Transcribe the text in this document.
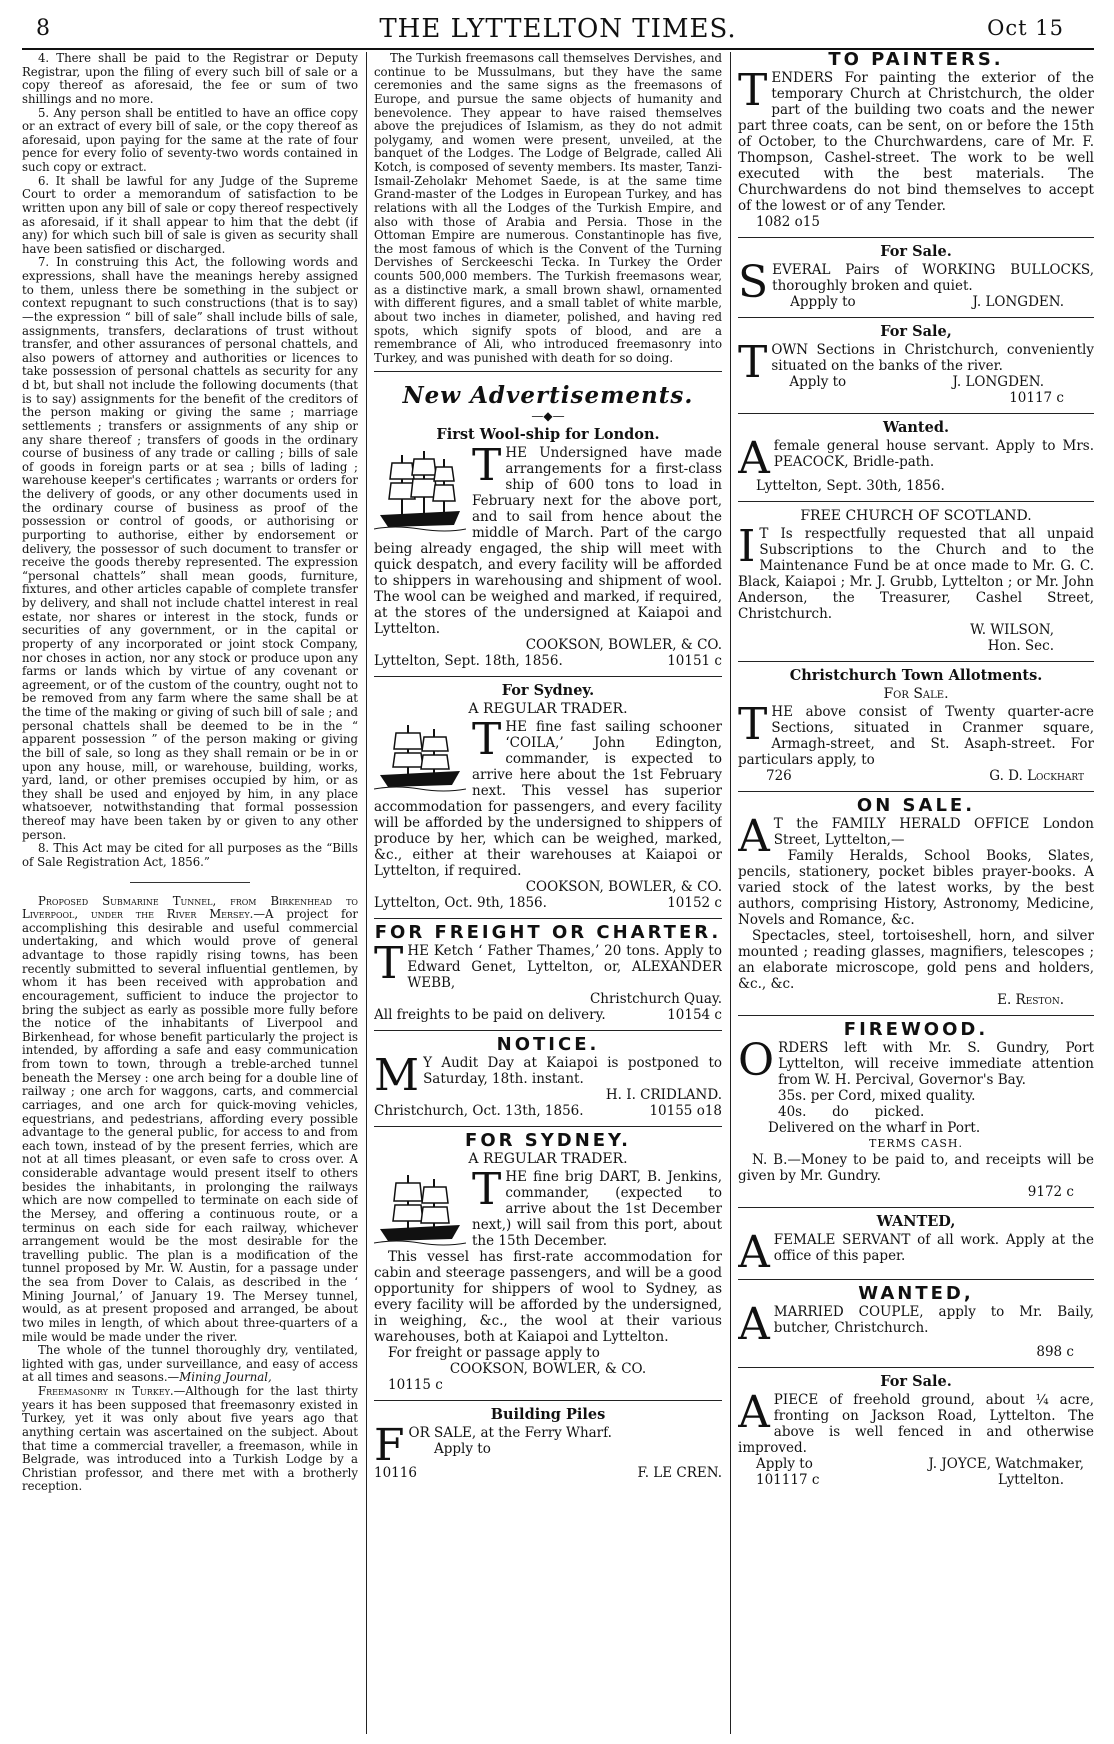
8	THE LYTTELTON TIMES.	Oct 15

4. There shall be paid to the Registrar or Deputy Registrar, upon the filing of every such bill of sale or a copy thereof as aforesaid, the fee or sum of two shillings and no more.

5. Any person shall be entitled to have an office copy or an extract of every bill of sale, or the copy thereof as aforesaid, upon paying for the same at the rate of four pence for every folio of seventy-two words contained in such copy or extract.

6. It shall be lawful for any Judge of the Supreme Court to order a memorandum of satisfaction to be written upon any bill of sale or copy thereof respectively as aforesaid, if it shall appear to him that the debt (if any) for which such bill of sale is given as security shall have been satisfied or discharged.

7. In construing this Act, the following words and expressions, shall have the meanings hereby assigned to them, unless there be something in the subject or context repugnant to such constructions (that is to say)—the expression “ bill of sale” shall include bills of sale, assignments, transfers, declarations of trust without transfer, and other assurances of personal chattels, and also powers of attorney and authorities or licences to take possession of personal chattels as security for any d bt, but shall not include the following documents (that is to say) assignments for the benefit of the creditors of the person making or giving the same ; marriage settlements ; transfers or assignments of any ship or any share thereof ; transfers of goods in the ordinary course of business of any trade or calling ; bills of sale of goods in foreign parts or at sea ; bills of lading ; warehouse keeper's certificates ; warrants or orders for the delivery of goods, or any other documents used in the ordinary course of business as proof of the possession or control of goods, or authorising or purporting to authorise, either by endorsement or delivery, the possessor of such document to transfer or receive the goods thereby represented. The expression “personal chattels” shall mean goods, furniture, fixtures, and other articles capable of complete transfer by delivery, and shall not include chattel interest in real estate, nor shares or interest in the stock, funds or securities of any government, or in the capital or property of any incorporated or joint stock Company, nor choses in action, nor any stock or produce upon any farms or lands which by virtue of any covenant or agreement, or of the custom of the country, ought not to be removed from any farm where the same shall be at the time of the making or giving of such bill of sale ; and personal chattels shall be deemed to be in the “ apparent possession ” of the person making or giving the bill of sale, so long as they shall remain or be in or upon any house, mill, or warehouse, building, works, yard, land, or other premises occupied by him, or as they shall be used and enjoyed by him, in any place whatsoever, notwithstanding that formal possession thereof may have been taken by or given to any other person.

8. This Act may be cited for all purposes as the “Bills of Sale Registration Act, 1856.”

Proposed Submarine Tunnel, from Birkenhead to Liverpool, under the River Mersey.—A project for accomplishing this desirable and useful commercial undertaking, and which would prove of general advantage to those rapidly rising towns, has been recently submitted to several influential gentlemen, by whom it has been received with approbation and encouragement, sufficient to induce the projector to bring the subject as early as possible more fully before the notice of the inhabitants of Liverpool and Birkenhead, for whose benefit particularly the project is intended, by affording a safe and easy communication from town to town, through a treble-arched tunnel beneath the Mersey : one arch being for a double line of railway ; one arch for waggons, carts, and commercial carriages, and one arch for quick-moving vehicles, equestrians, and pedestrians, affording every possible advantage to the general public, for access to and from each town, instead of by the present ferries, which are not at all times pleasant, or even safe to cross over. A considerable advantage would present itself to others besides the inhabitants, in prolonging the railways which are now compelled to terminate on each side of the Mersey, and offering a continuous route, or a terminus on each side for each railway, whichever arrangement would be the most desirable for the travelling public. The plan is a modification of the tunnel proposed by Mr. W. Austin, for a passage under the sea from Dover to Calais, as described in the ‘ Mining Journal,’ of January 19. The Mersey tunnel, would, as at present proposed and arranged, be about two miles in length, of which about three-quarters of a mile would be made under the river.

The whole of the tunnel thoroughly dry, ventilated, lighted with gas, under surveillance, and easy of access at all times and seasons.—Mining Journal,

Freemasonry in Turkey.—Although for the last thirty years it has been supposed that freemasonry existed in Turkey, yet it was only about five years ago that anything certain was ascertained on the subject. About that time a commercial traveller, a freemason, while in Belgrade, was introduced into a Turkish Lodge by a Christian professor, and there met with a brotherly reception.

The Turkish freemasons call themselves Dervishes, and continue to be Mussulmans, but they have the same ceremonies and the same signs as the freemasons of Europe, and pursue the same objects of humanity and benevolence. They appear to have raised themselves above the prejudices of Islamism, as they do not admit polygamy, and women were present, unveiled, at the banquet of the Lodges. The Lodge of Belgrade, called Ali Kotch, is composed of seventy members. Its master, Tanzi-Ismail-Zeholakr Mehomet Saede, is at the same time Grand-master of the Lodges in European Turkey, and has relations with all the Lodges of the Turkish Empire, and also with those of Arabia and Persia. Those in the Ottoman Empire are numerous. Constantinople has five, the most famous of which is the Convent of the Turning Dervishes of Serckeeschi Tecka. In Turkey the Order counts 500,000 members. The Turkish freemasons wear, as a distinctive mark, a small brown shawl, ornamented with different figures, and a small tablet of white marble, about two inches in diameter, polished, and having red spots, which signify spots of blood, and are a remembrance of Ali, who introduced freemasonry into Turkey, and was punished with death for so doing.

New Advertisements.
—◆—
First Wool-ship for London.
T HE Undersigned have made arrangements for a first-class ship of 600 tons to load in February next for the above port, and to sail from hence about the middle of March. Part of the cargo being already engaged, the ship will meet with quick despatch, and every facility will be afforded to shippers in warehousing and shipment of wool. The wool can be weighed and marked, if required, at the stores of the undersigned at Kaiapoi and Lyttelton.
COOKSON, BOWLER, & CO.
Lyttelton, Sept. 18th, 1856.	10151 c
For Sydney.
A REGULAR TRADER.
T HE fine fast sailing schooner ‘COILA,’ John Edington, commander, is expected to arrive here about the 1st February next. This vessel has superior accommodation for passengers, and every facility will be afforded by the undersigned to shippers of produce by her, which can be weighed, marked, &c., either at their warehouses at Kaiapoi or Lyttelton, if required.
COOKSON, BOWLER, & CO.
Lyttelton, Oct. 9th, 1856.	10152 c
FOR FREIGHT OR CHARTER.
T HE Ketch ‘ Father Thames,’ 20 tons. Apply to Edward Genet, Lyttelton, or, ALEXANDER WEBB,
Christchurch Quay.
All freights to be paid on delivery.	10154 c
NOTICE.
M Y Audit Day at Kaiapoi is postponed to Saturday, 18th. instant.
H. I. CRIDLAND.
Christchurch, Oct. 13th, 1856.	10155 o18
FOR SYDNEY.
A REGULAR TRADER.
T HE fine brig DART, B. Jenkins, commander, (expected to arrive about the 1st December next,) will sail from this port, about the 15th December.
This vessel has first-rate accommodation for cabin and steerage passengers, and will be a good opportunity for shippers of wool to Sydney, as every facility will be afforded by the undersigned, in weighing, &c., the wool at their various warehouses, both at Kaiapoi and Lyttelton.
For freight or passage apply to
COOKSON, BOWLER, & CO.
10115 c
Building Piles
F OR SALE, at the Ferry Wharf.
Apply to
10116	F. LE CREN.
TO PAINTERS.
T ENDERS For painting the exterior of the temporary Church at Christchurch, the older part of the building two coats and the newer part three coats, can be sent, on or before the 15th of October, to the Churchwardens, care of Mr. F. Thompson, Cashel-street. The work to be well executed with the best materials. The Churchwardens do not bind themselves to accept of the lowest or of any Tender.
1082 o15
For Sale.
S EVERAL Pairs of WORKING BULLOCKS, thoroughly broken and quiet.
Appply to	J. LONGDEN.
For Sale,
T OWN Sections in Christchurch, conveniently situated on the banks of the river.
Apply to	J. LONGDEN.
10117 c
Wanted.
A female general house servant. Apply to Mrs. PEACOCK, Bridle-path.
Lyttelton, Sept. 30th, 1856.
FREE CHURCH OF SCOTLAND.
I T Is respectfully requested that all unpaid Subscriptions to the Church and to the Maintenance Fund be at once made to Mr. G. C. Black, Kaiapoi ; Mr. J. Grubb, Lyttelton ; or Mr. John Anderson, the Treasurer, Cashel Street, Christchurch.
W. WILSON,
Hon. Sec.
Christchurch Town Allotments.
For Sale.
T HE above consist of Twenty quarter-acre Sections, situated in Cranmer square, Armagh-street, and St. Asaph-street. For particulars apply, to
726	G. D. Lockhart
ON SALE.
A T the FAMILY HERALD OFFICE London Street, Lyttelton,—
Family Heralds, School Books, Slates, pencils, stationery, pocket bibles prayer-books. A varied stock of the latest works, by the best authors, comprising History, Astronomy, Medicine, Novels and Romance, &c.
Spectacles, steel, tortoiseshell, horn, and silver mounted ; reading glasses, magnifiers, telescopes ; an elaborate microscope, gold pens and holders, &c., &c.
E. Reston.
FIREWOOD.
O RDERS left with Mr. S. Gundry, Port Lyttelton, will receive immediate attention from W. H. Percival, Governor's Bay.
35s. per Cord, mixed quality.
40s.      do      picked.
Delivered on the wharf in Port.
TERMS CASH.
N. B.—Money to be paid to, and receipts will be given by Mr. Gundry.
9172 c
WANTED,
A FEMALE SERVANT of all work. Apply at the office of this paper.
WANTED,
A MARRIED COUPLE, apply to Mr. Baily, butcher, Christchurch.
898 c
For Sale.
A PIECE of freehold ground, about ¼ acre, fronting on Jackson Road, Lyttelton. The above is well fenced in and otherwise improved.
Apply to	J. JOYCE, Watchmaker,
101117 c	Lyttelton.
